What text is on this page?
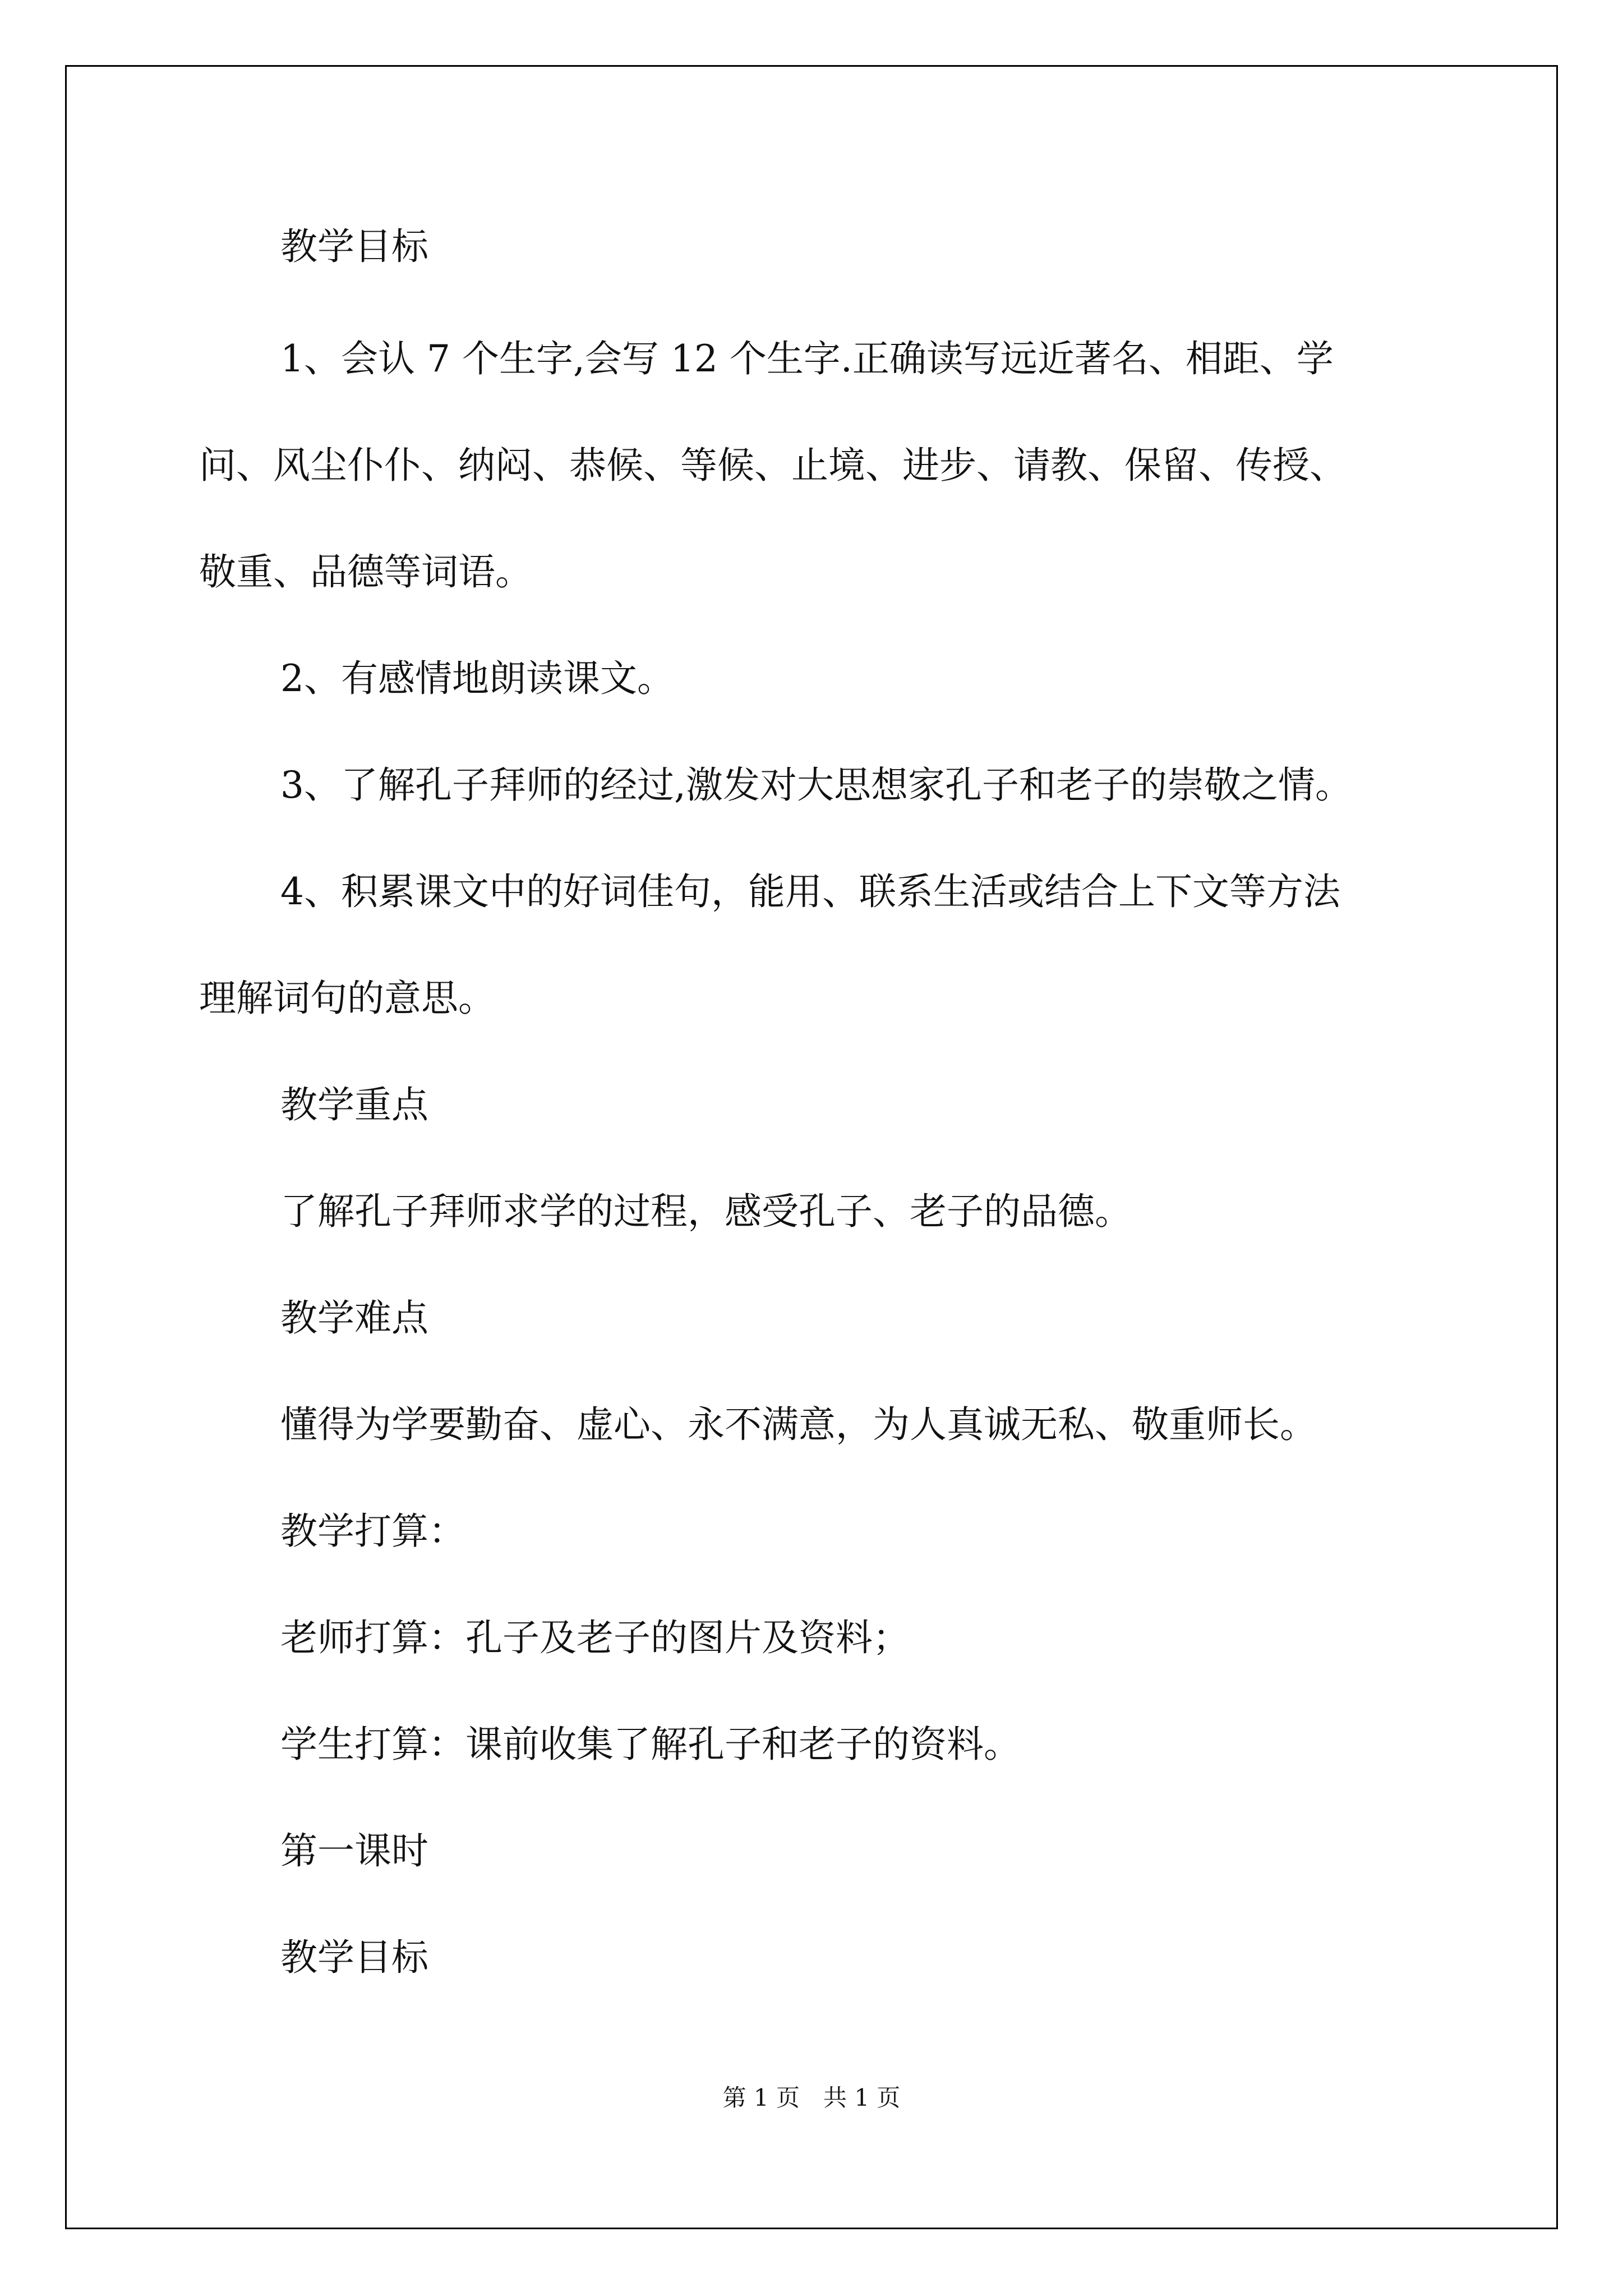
教学目标

1、会认 7 个生字,会写 12 个生字.正确读写远近著名、相距、学

问、风尘仆仆、纳闷、恭候、等候、止境、进步、请教、保留、传授、

敬重、品德等词语。

2、有感情地朗读课文。

3、了解孔子拜师的经过,激发对大思想家孔子和老子的崇敬之情。

4、积累课文中的好词佳句，能用、联系生活或结合上下文等方法

理解词句的意思。

教学重点

了解孔子拜师求学的过程，感受孔子、老子的品德。

教学难点

懂得为学要勤奋、虚心、永不满意，为人真诚无私、敬重师长。

教学打算：

老师打算：孔子及老子的图片及资料；

学生打算：课前收集了解孔子和老子的资料。

第一课时

教学目标

第 1 页　共 1 页
